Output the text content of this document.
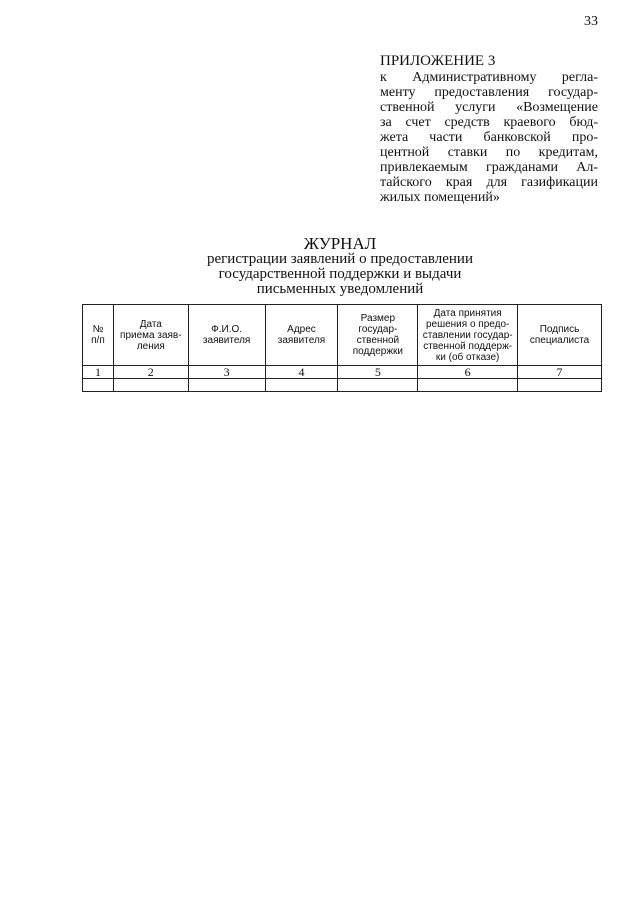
33
ПРИЛОЖЕНИЕ 3
к Административному регла-
менту предоставления государ-
ственной услуги «Возмещение
за счет средств краевого бюд-
жета части банковской про-
центной ставки по кредитам,
привлекаемым гражданами Ал-
тайского края для газификации
жилых помещений»
ЖУРНАЛ
регистрации заявлений о предоставлении
государственной поддержки и выдачи
письменных уведомлений
№
п/п	Дата
приема заяв-
ления	Ф.И.О.
заявителя	Адрес
заявителя	Размер
государ-
ственной
поддержки	Дата принятия
решения о предо-
ставлении государ-
ственной поддерж-
ки (об отказе)	Подпись
специалиста
1	2	3	4	5	6	7
